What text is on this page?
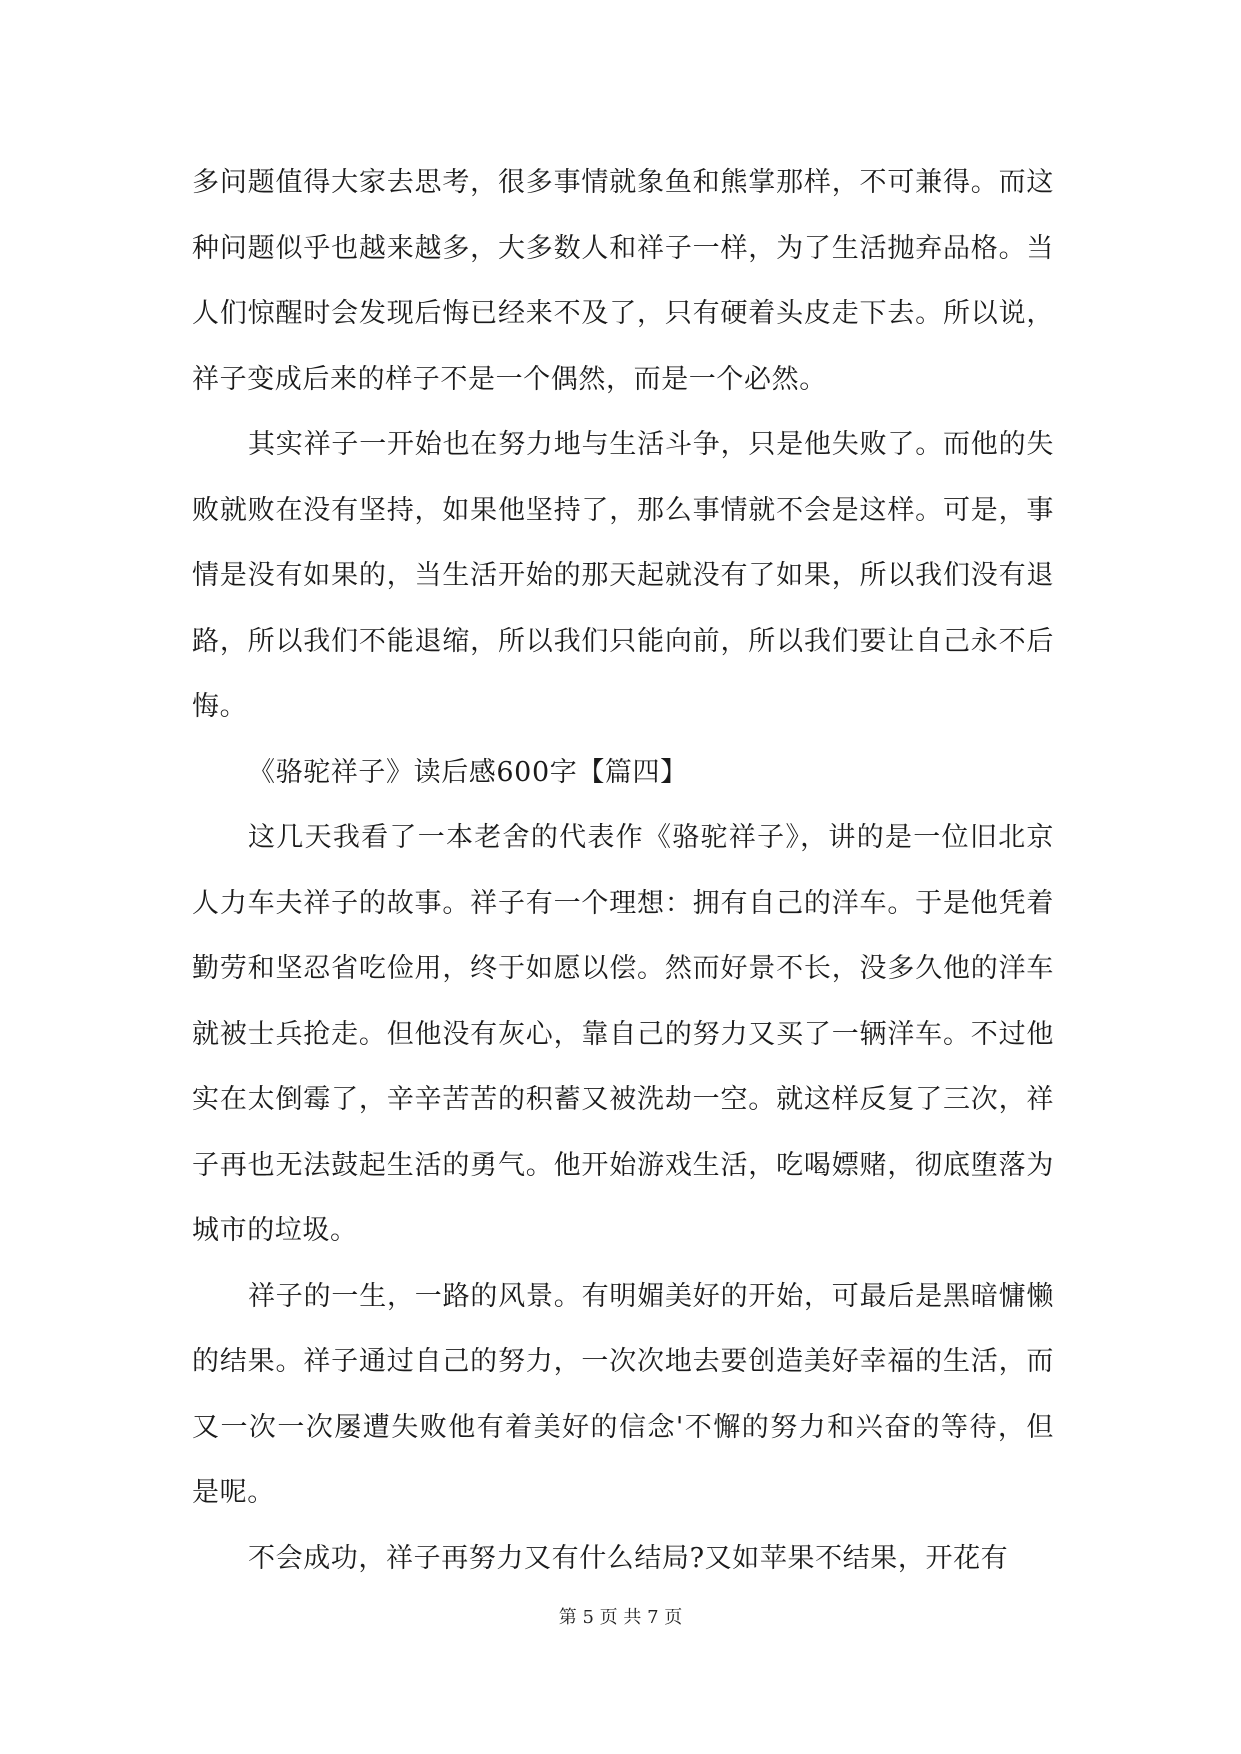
多问题值得大家去思考，很多事情就象鱼和熊掌那样，不可兼得。而这种问题似乎也越来越多，大多数人和祥子一样，为了生活抛弃品格。当人们惊醒时会发现后悔已经来不及了，只有硬着头皮走下去。所以说，祥子变成后来的样子不是一个偶然，而是一个必然。

其实祥子一开始也在努力地与生活斗争，只是他失败了。而他的失败就败在没有坚持，如果他坚持了，那么事情就不会是这样。可是，事情是没有如果的，当生活开始的那天起就没有了如果，所以我们没有退路，所以我们不能退缩，所以我们只能向前，所以我们要让自己永不后悔。

《骆驼祥子》读后感600字【篇四】

这几天我看了一本老舍的代表作《骆驼祥子》，讲的是一位旧北京人力车夫祥子的故事。祥子有一个理想：拥有自己的洋车。于是他凭着勤劳和坚忍省吃俭用，终于如愿以偿。然而好景不长，没多久他的洋车就被士兵抢走。但他没有灰心，靠自己的努力又买了一辆洋车。不过他实在太倒霉了，辛辛苦苦的积蓄又被洗劫一空。就这样反复了三次，祥子再也无法鼓起生活的勇气。他开始游戏生活，吃喝嫖赌，彻底堕落为城市的垃圾。

祥子的一生，一路的风景。有明媚美好的开始，可最后是黑暗慵懒的结果。祥子通过自己的努力，一次次地去要创造美好幸福的生活，而又一次一次屡遭失败他有着美好的信念'不懈的努力和兴奋的等待，但是呢。

不会成功，祥子再努力又有什么结局?又如苹果不结果，开花有

第 5 页 共 7 页
